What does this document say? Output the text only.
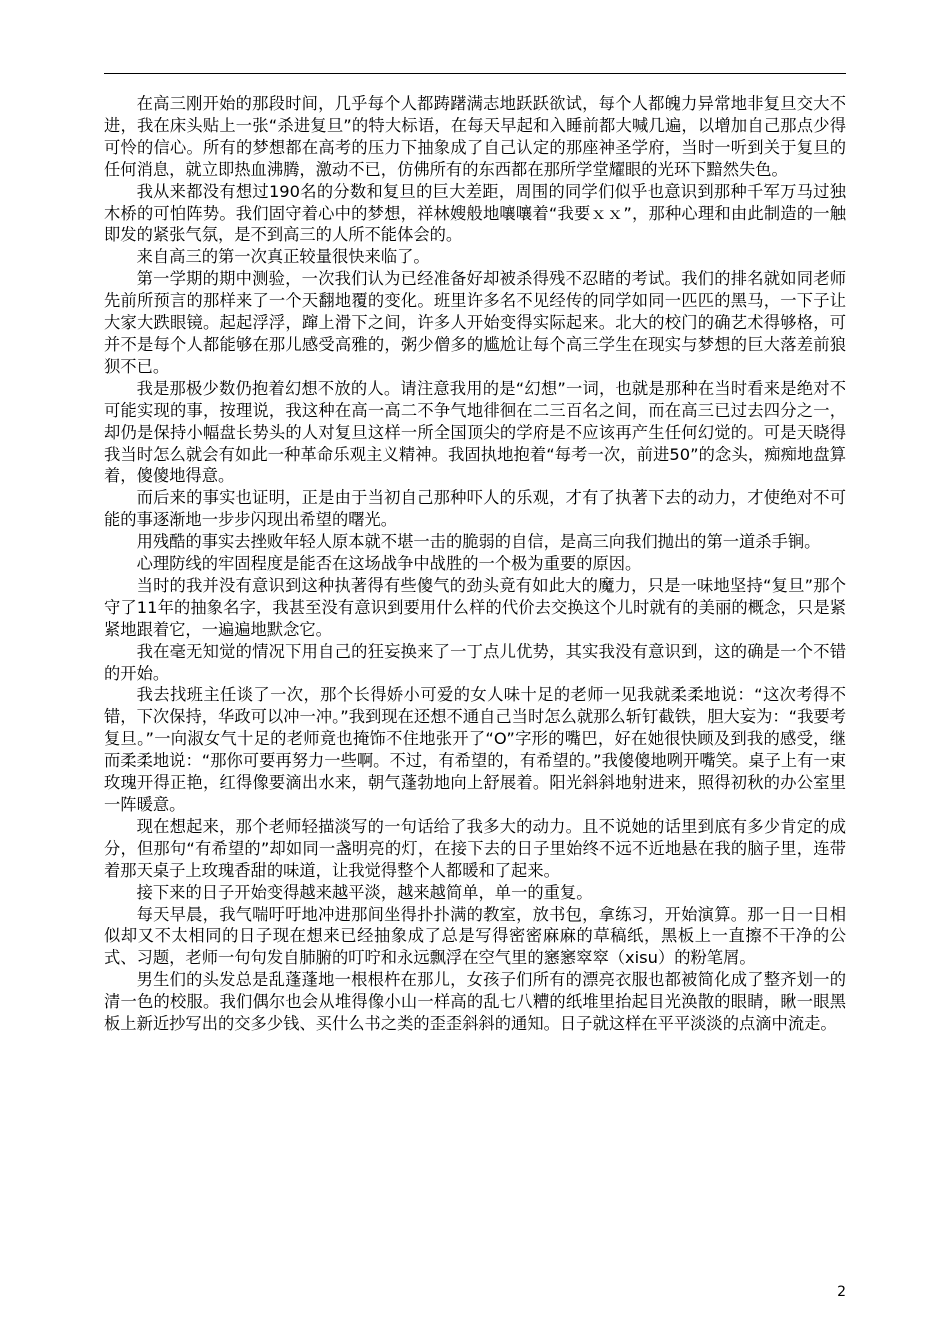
在高三刚开始的那段时间，几乎每个人都踌躇满志地跃跃欲试，每个人都魄力异常地非复旦交大不进，我在床头贴上一张“杀进复旦”的特大标语，在每天早起和入睡前都大喊几遍，以增加自己那点少得可怜的信心。所有的梦想都在高考的压力下抽象成了自己认定的那座神圣学府，当时一听到关于复旦的任何消息，就立即热血沸腾，激动不已，仿佛所有的东西都在那所学堂耀眼的光环下黯然失色。

我从来都没有想过190名的分数和复旦的巨大差距，周围的同学们似乎也意识到那种千军万马过独木桥的可怕阵势。我们固守着心中的梦想，祥林嫂般地嚷嚷着“我要ｘｘ”，那种心理和由此制造的一触即发的紧张气氛，是不到高三的人所不能体会的。

来自高三的第一次真正较量很快来临了。

第一学期的期中测验，一次我们认为已经准备好却被杀得残不忍睹的考试。我们的排名就如同老师先前所预言的那样来了一个天翻地覆的变化。班里许多名不见经传的同学如同一匹匹的黑马，一下子让大家大跌眼镜。起起浮浮，蹿上滑下之间，许多人开始变得实际起来。北大的校门的确艺术得够格，可并不是每个人都能够在那儿感受高雅的，粥少僧多的尴尬让每个高三学生在现实与梦想的巨大落差前狼狈不已。

我是那极少数仍抱着幻想不放的人。请注意我用的是“幻想”一词，也就是那种在当时看来是绝对不可能实现的事，按理说，我这种在高一高二不争气地徘徊在二三百名之间，而在高三已过去四分之一，却仍是保持小幅盘长势头的人对复旦这样一所全国顶尖的学府是不应该再产生任何幻觉的。可是天晓得我当时怎么就会有如此一种革命乐观主义精神。我固执地抱着“每考一次，前进50”的念头，痴痴地盘算着，傻傻地得意。

而后来的事实也证明，正是由于当初自己那种吓人的乐观，才有了执著下去的动力，才使绝对不可能的事逐渐地一步步闪现出希望的曙光。

用残酷的事实去挫败年轻人原本就不堪一击的脆弱的自信，是高三向我们抛出的第一道杀手锏。

心理防线的牢固程度是能否在这场战争中战胜的一个极为重要的原因。

当时的我并没有意识到这种执著得有些傻气的劲头竟有如此大的魔力，只是一味地坚持“复旦”那个守了11年的抽象名字，我甚至没有意识到要用什么样的代价去交换这个儿时就有的美丽的概念，只是紧紧地跟着它，一遍遍地默念它。

我在毫无知觉的情况下用自己的狂妄换来了一丁点儿优势，其实我没有意识到，这的确是一个不错的开始。

我去找班主任谈了一次，那个长得娇小可爱的女人味十足的老师一见我就柔柔地说：“这次考得不错，下次保持，华政可以冲一冲。”我到现在还想不通自己当时怎么就那么斩钉截铁，胆大妄为：“我要考复旦。”一向淑女气十足的老师竟也掩饰不住地张开了“O”字形的嘴巴，好在她很快顾及到我的感受，继而柔柔地说：“那你可要再努力一些啊。不过，有希望的，有希望的。”我傻傻地咧开嘴笑。桌子上有一束玫瑰开得正艳，红得像要滴出水来，朝气蓬勃地向上舒展着。阳光斜斜地射进来，照得初秋的办公室里一阵暖意。

现在想起来，那个老师轻描淡写的一句话给了我多大的动力。且不说她的话里到底有多少肯定的成分，但那句“有希望的”却如同一盏明亮的灯，在接下去的日子里始终不远不近地悬在我的脑子里，连带着那天桌子上玫瑰香甜的味道，让我觉得整个人都暖和了起来。

接下来的日子开始变得越来越平淡，越来越简单，单一的重复。

每天早晨，我气喘吁吁地冲进那间坐得扑扑满的教室，放书包，拿练习，开始演算。那一日一日相似却又不太相同的日子现在想来已经抽象成了总是写得密密麻麻的草稿纸，黑板上一直擦不干净的公式、习题，老师一句句发自肺腑的叮咛和永远飘浮在空气里的窸窸窣窣（xisu）的粉笔屑。

男生们的头发总是乱蓬蓬地一根根杵在那儿，女孩子们所有的漂亮衣服也都被简化成了整齐划一的清一色的校服。我们偶尔也会从堆得像小山一样高的乱七八糟的纸堆里抬起目光涣散的眼睛，瞅一眼黑板上新近抄写出的交多少钱、买什么书之类的歪歪斜斜的通知。日子就这样在平平淡淡的点滴中流走。

2
